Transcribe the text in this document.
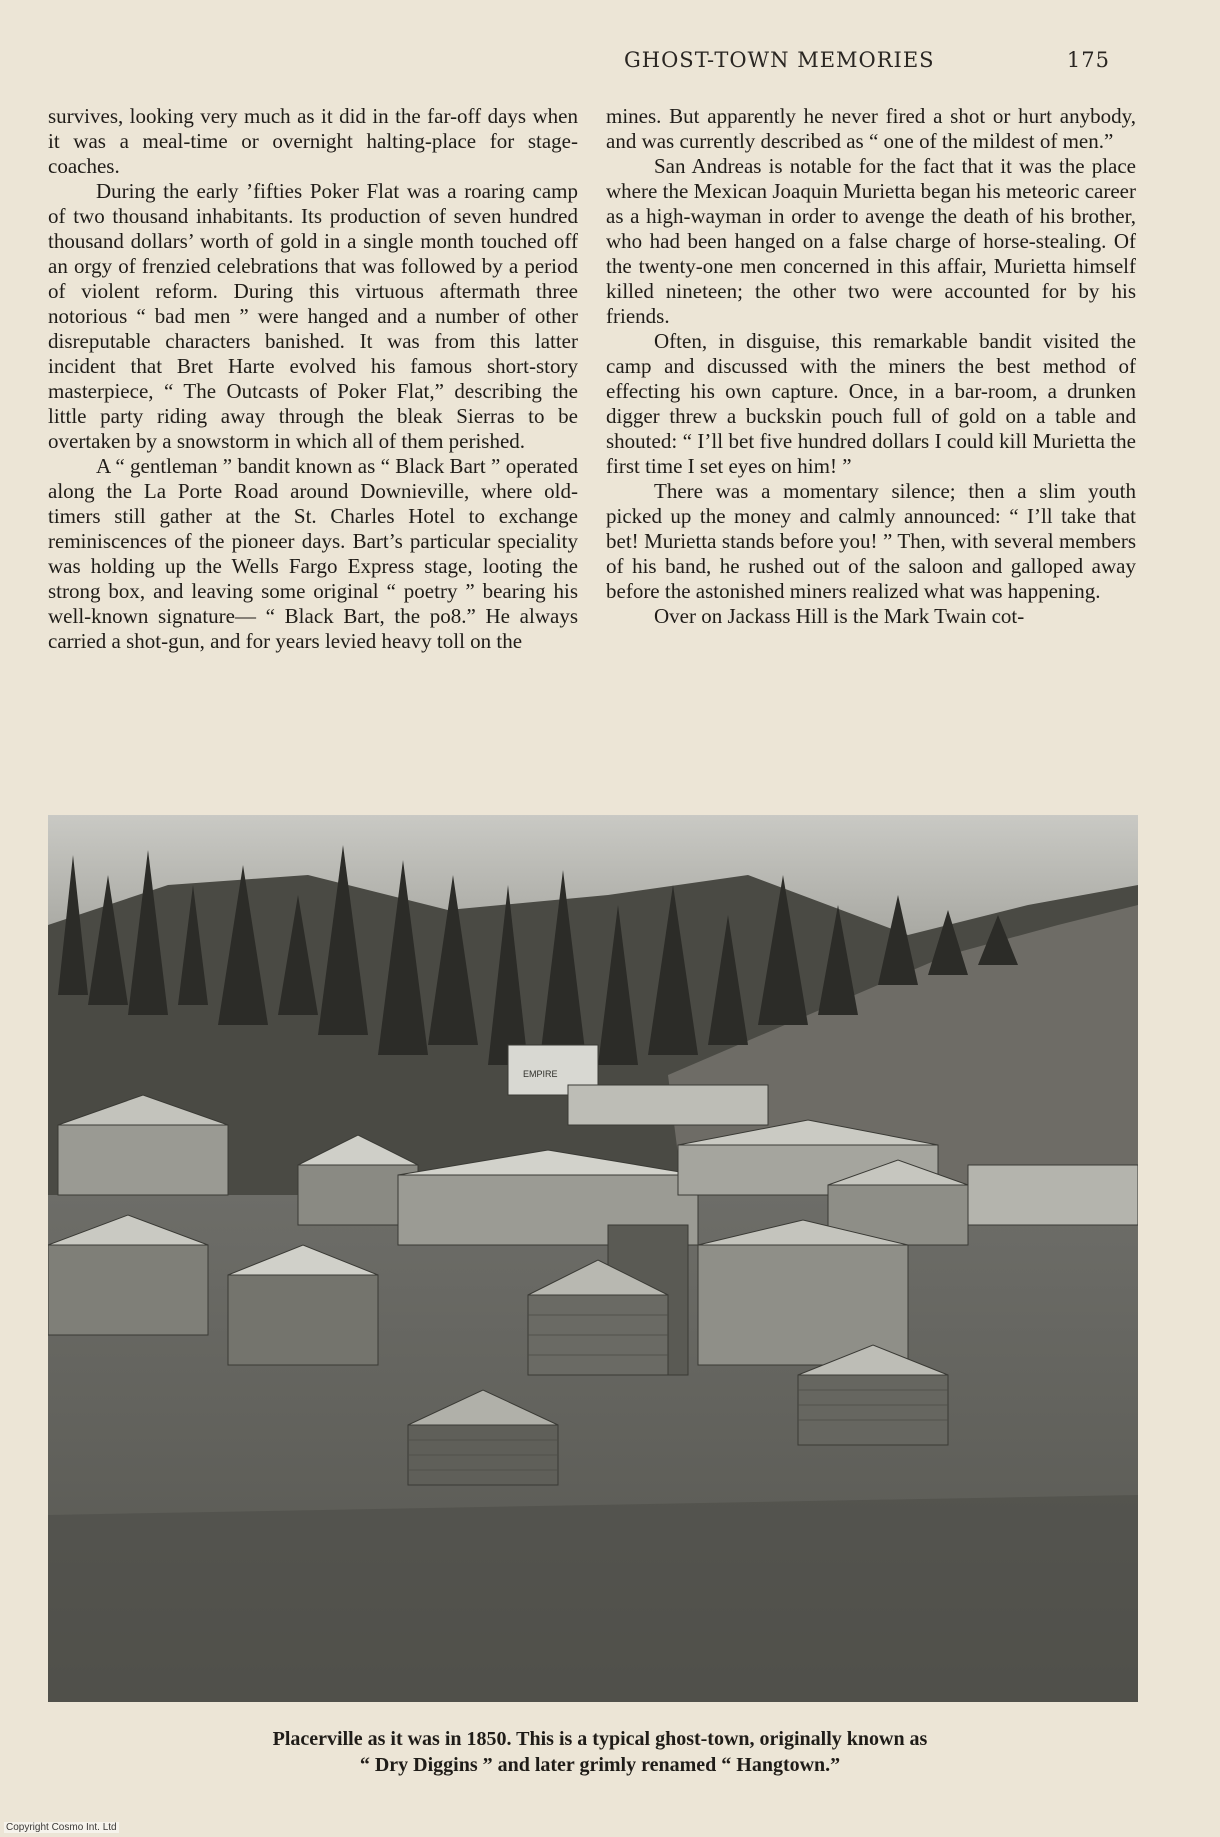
GHOST-TOWN MEMORIES	175

survives, looking very much as it did in the far-off days when it was a meal-time or overnight halting-place for stage-coaches.

During the early ’fifties Poker Flat was a roaring camp of two thousand inhabitants. Its production of seven hundred thousand dollars’ worth of gold in a single month touched off an orgy of frenzied celebrations that was followed by a period of violent reform. During this virtuous aftermath three notorious “ bad men ” were hanged and a number of other disreputable characters banished. It was from this latter incident that Bret Harte evolved his famous short-story masterpiece, “ The Outcasts of Poker Flat,” describing the little party riding away through the bleak Sierras to be overtaken by a snowstorm in which all of them perished.

A “ gentleman ” bandit known as “ Black Bart ” operated along the La Porte Road around Downieville, where old-timers still gather at the St. Charles Hotel to exchange reminiscences of the pioneer days. Bart’s particular speciality was holding up the Wells Fargo Express stage, looting the strong box, and leaving some original “ poetry ” bearing his well-known signature— “ Black Bart, the po8.” He always carried a shot-gun, and for years levied heavy toll on the

mines. But apparently he never fired a shot or hurt anybody, and was currently described as “ one of the mildest of men.”

San Andreas is notable for the fact that it was the place where the Mexican Joaquin Murietta began his meteoric career as a high-wayman in order to avenge the death of his brother, who had been hanged on a false charge of horse-stealing. Of the twenty-one men concerned in this affair, Murietta himself killed nineteen; the other two were accounted for by his friends.

Often, in disguise, this remarkable bandit visited the camp and discussed with the miners the best method of effecting his own capture. Once, in a bar-room, a drunken digger threw a buckskin pouch full of gold on a table and shouted: “ I’ll bet five hundred dollars I could kill Murietta the first time I set eyes on him! ”

There was a momentary silence; then a slim youth picked up the money and calmly announced: “ I’ll take that bet! Murietta stands before you! ” Then, with several members of his band, he rushed out of the saloon and galloped away before the astonished miners realized what was happening.

Over on Jackass Hill is the Mark Twain cot-

EMPIRE
Placerville as it was in 1850. This is a typical ghost-town, originally known as
“ Dry Diggins ” and later grimly renamed “ Hangtown.”
Copyright Cosmo Int. Ltd
